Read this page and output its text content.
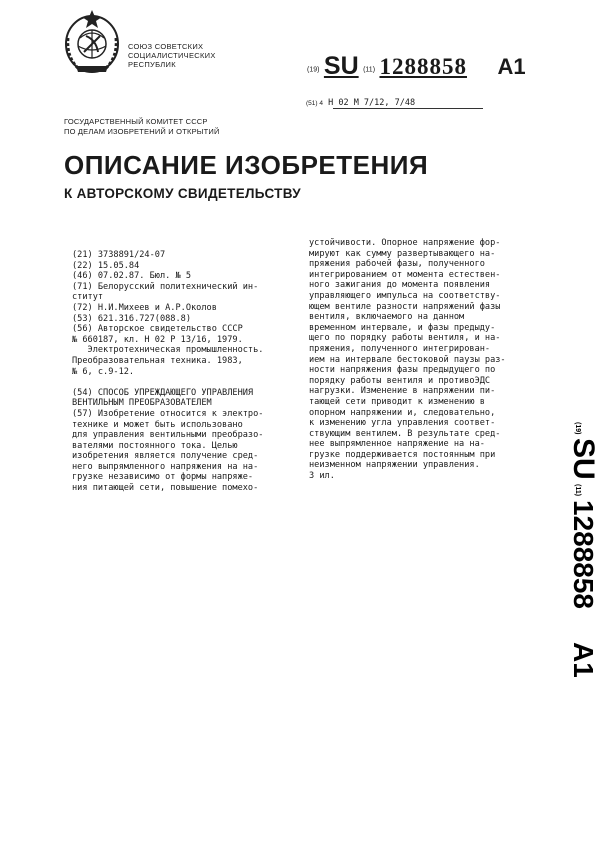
СОЮЗ СОВЕТСКИХ
СОЦИАЛИСТИЧЕСКИХ
РЕСПУБЛИК
(19) SU (11) 1288858 A1
(51) 4 Н 02 М 7/12, 7/48
ГОСУДАРСТВЕННЫЙ КОМИТЕТ СССР
ПО ДЕЛАМ ИЗОБРЕТЕНИЙ И ОТКРЫТИЙ
ОПИСАНИЕ ИЗОБРЕТЕНИЯ
К АВТОРСКОМУ СВИДЕТЕЛЬСТВУ
(21) 3738891/24-07
(22) 15.05.84
(46) 07.02.87. Бюл. № 5
(71) Белорусский политехнический ин-
ститут
(72) Н.И.Михеев и А.Р.Околов
(53) 621.316.727(088.8)
(56) Авторское свидетельство СССР
№ 660187, кл. Н 02 Р 13/16, 1979.
Электротехническая промышленность.
Преобразовательная техника. 1983,
№ 6, с.9-12.
(54) СПОСОБ УПРЕЖДАЮЩЕГО УПРАВЛЕНИЯ
ВЕНТИЛЬНЫМ ПРЕОБРАЗОВАТЕЛЕМ
(57) Изобретение относится к электро-
технике и может быть использовано
для управления вентильными преобразо-
вателями постоянного тока. Целью
изобретения является получение сред-
него выпрямленного напряжения на на-
грузке независимо от формы напряже-
ния питающей сети, повышение помехо-
устойчивости. Опорное напряжение фор-
мируют как сумму развертывающего на-
пряжения рабочей фазы, полученного
интегрированием от момента естествен-
ного зажигания до момента появления
управляющего импульса на соответству-
ющем вентиле разности напряжений фазы
вентиля, включаемого на данном
временном интервале, и фазы предыду-
щего по порядку работы вентиля, и на-
пряжения, полученного интегрирован-
ием на интервале бестоковой паузы раз-
ности напряжения фазы предыдущего по
порядку работы вентиля и противоЭДС
нагрузки. Изменение в напряжении пи-
тающей сети приводит к изменению в
опорном напряжении и, следовательно,
к изменению угла управления соответ-
ствующим вентилем. В результате сред-
нее выпрямленное напряжение на на-
грузке поддерживается постоянным при
неизменном напряжении управления.
3 ил.
(19)
SU
(11)
1288858
A1
